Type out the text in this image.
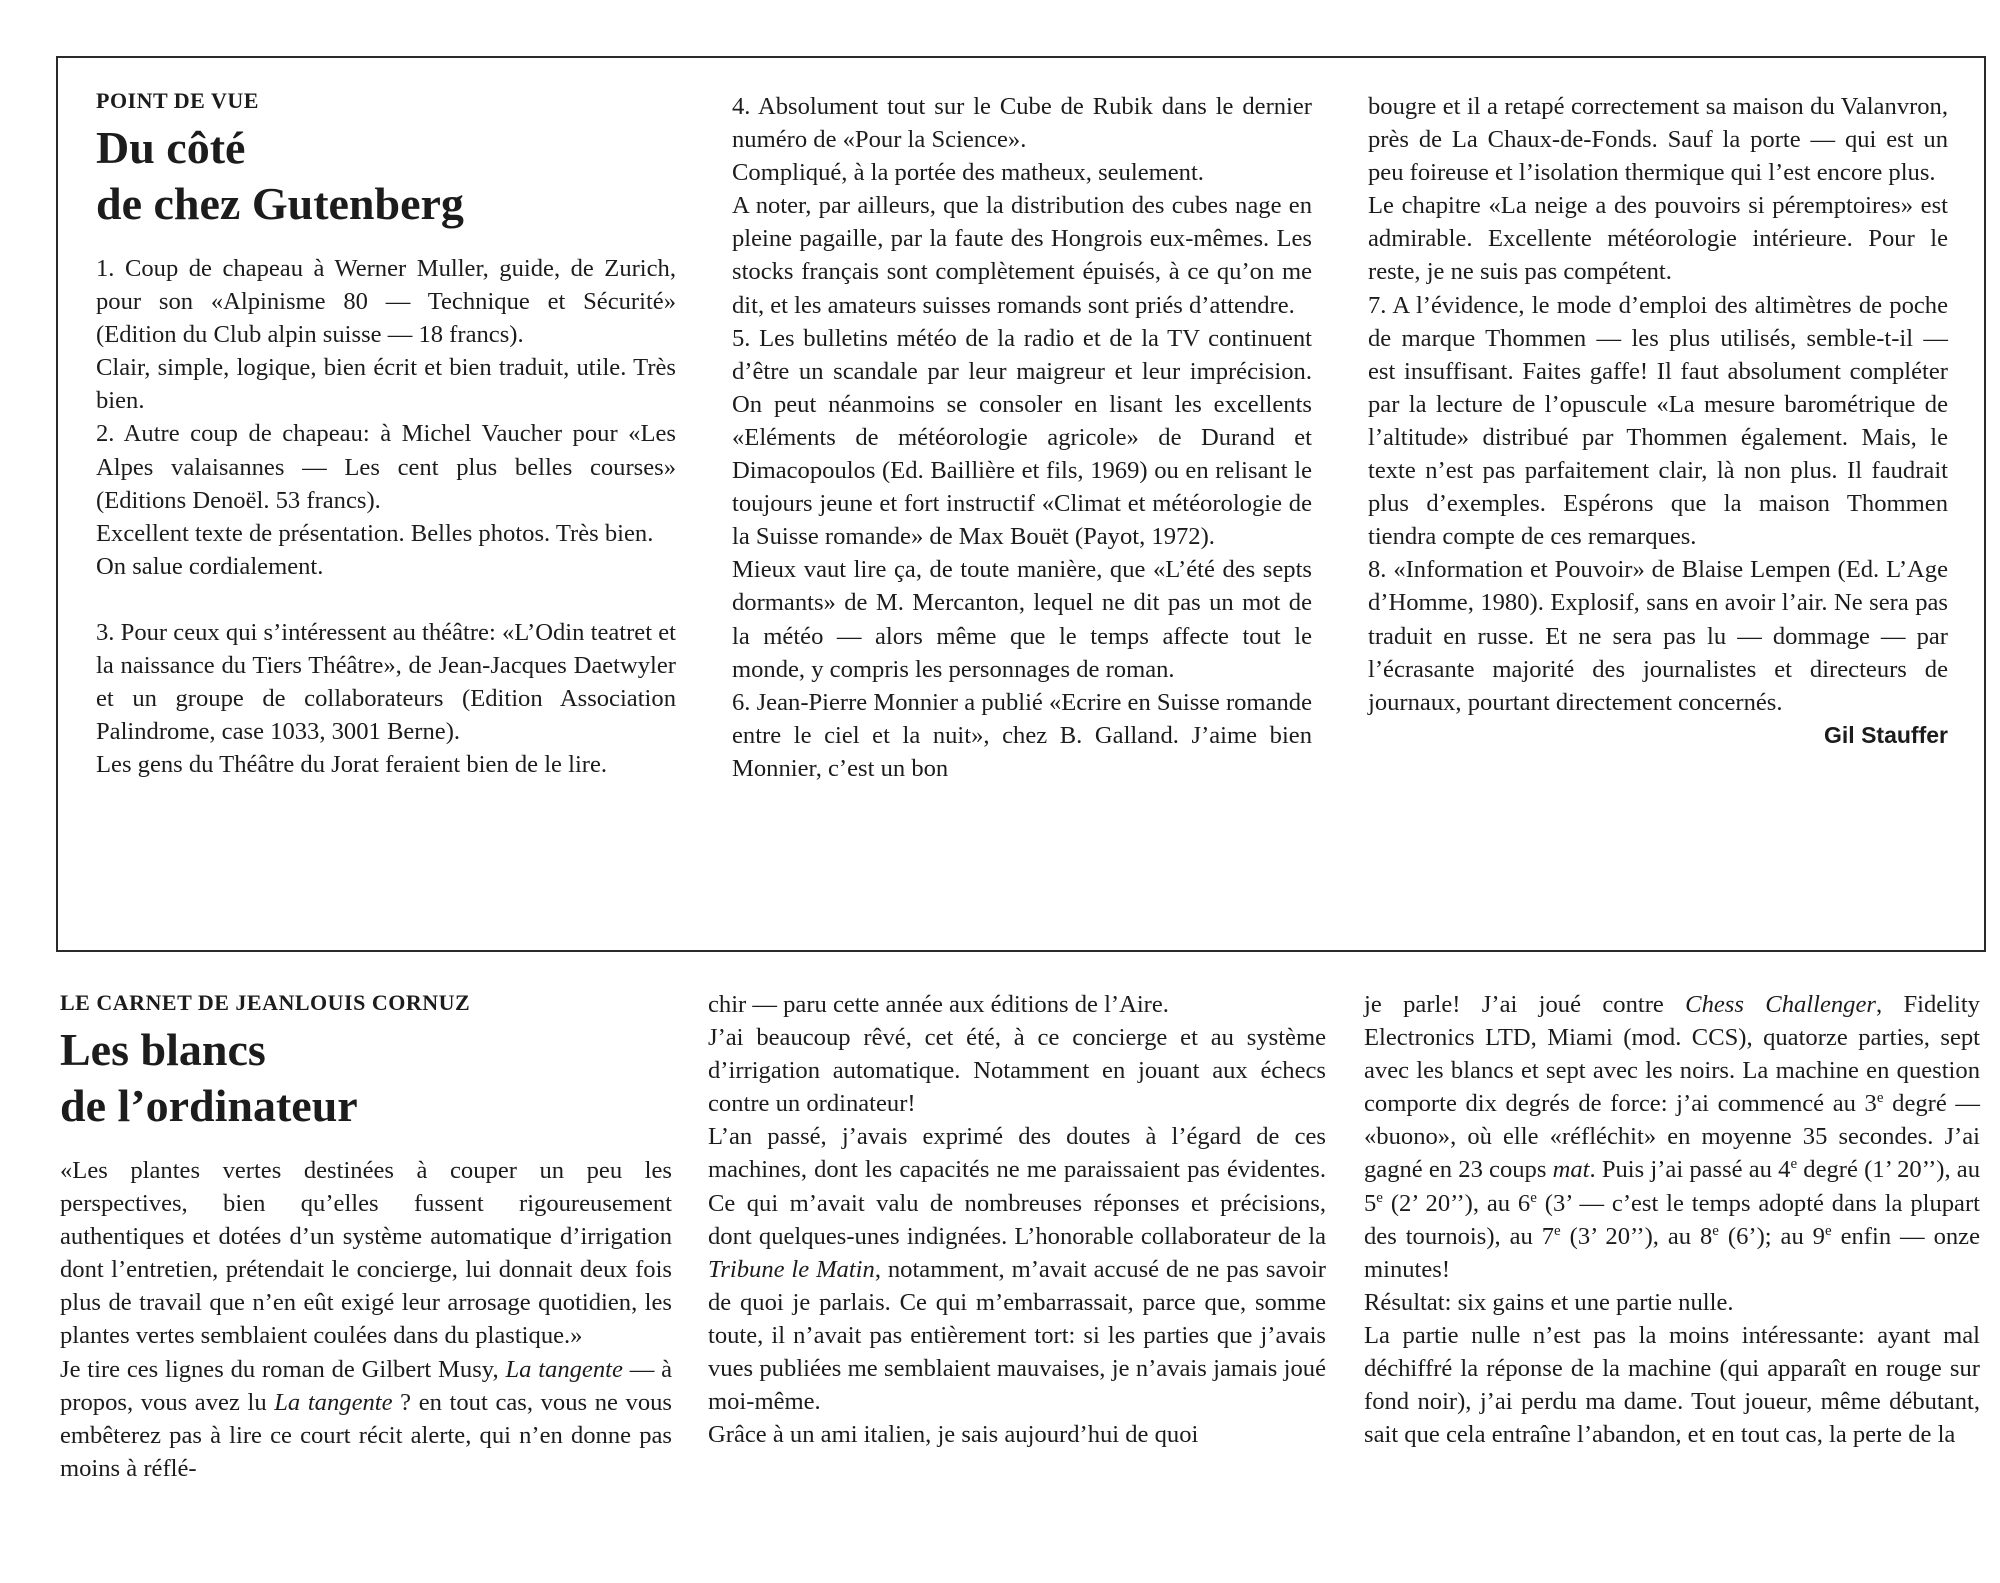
POINT DE VUE
Du côté
de chez Gutenberg

1. Coup de chapeau à Werner Muller, guide, de Zurich, pour son «Alpinisme 80 — Technique et Sécurité» (Edition du Club alpin suisse — 18 francs).

Clair, simple, logique, bien écrit et bien traduit, utile. Très bien.

2. Autre coup de chapeau: à Michel Vaucher pour «Les Alpes valaisannes — Les cent plus belles courses» (Editions Denoël. 53 francs).

Excellent texte de présentation. Belles photos. Très bien.

On salue cordialement.

3. Pour ceux qui s’intéressent au théâtre: «L’Odin teatret et la naissance du Tiers Théâtre», de Jean-Jacques Daetwyler et un groupe de collaborateurs (Edition Association Palindrome, case 1033, 3001 Berne).

Les gens du Théâtre du Jorat feraient bien de le lire.

4. Absolument tout sur le Cube de Rubik dans le dernier numéro de «Pour la Science».

Compliqué, à la portée des matheux, seulement.

A noter, par ailleurs, que la distribution des cubes nage en pleine pagaille, par la faute des Hongrois eux-mêmes. Les stocks français sont complètement épuisés, à ce qu’on me dit, et les amateurs suisses romands sont priés d’attendre.

5. Les bulletins météo de la radio et de la TV continuent d’être un scandale par leur maigreur et leur imprécision. On peut néanmoins se consoler en lisant les excellents «Eléments de météorologie agricole» de Durand et Dimacopoulos (Ed. Baillière et fils, 1969) ou en relisant le toujours jeune et fort instructif «Climat et météorologie de la Suisse romande» de Max Bouët (Payot, 1972).

Mieux vaut lire ça, de toute manière, que «L’été des septs dormants» de M. Mercanton, lequel ne dit pas un mot de la météo — alors même que le temps affecte tout le monde, y compris les personnages de roman.

6. Jean-Pierre Monnier a publié «Ecrire en Suisse romande entre le ciel et la nuit», chez B. Galland. J’aime bien Monnier, c’est un bon

bougre et il a retapé correctement sa maison du Valanvron, près de La Chaux-de-Fonds. Sauf la porte — qui est un peu foireuse et l’isolation thermique qui l’est encore plus.

Le chapitre «La neige a des pouvoirs si péremptoires» est admirable. Excellente météorologie intérieure. Pour le reste, je ne suis pas compétent.

7. A l’évidence, le mode d’emploi des altimètres de poche de marque Thommen — les plus utilisés, semble-t-il — est insuffisant. Faites gaffe! Il faut absolument compléter par la lecture de l’opuscule «La mesure barométrique de l’altitude» distribué par Thommen également. Mais, le texte n’est pas parfaitement clair, là non plus. Il faudrait plus d’exemples. Espérons que la maison Thommen tiendra compte de ces remarques.

8. «Information et Pouvoir» de Blaise Lempen (Ed. L’Age d’Homme, 1980). Explosif, sans en avoir l’air. Ne sera pas traduit en russe. Et ne sera pas lu — dommage — par l’écrasante majorité des journalistes et directeurs de journaux, pourtant directement concernés.

Gil Stauffer

LE CARNET DE JEANLOUIS CORNUZ
Les blancs
de l’ordinateur

«Les plantes vertes destinées à couper un peu les perspectives, bien qu’elles fussent rigoureusement authentiques et dotées d’un système automatique d’irrigation dont l’entretien, prétendait le concierge, lui donnait deux fois plus de travail que n’en eût exigé leur arrosage quotidien, les plantes vertes semblaient coulées dans du plastique.»

Je tire ces lignes du roman de Gilbert Musy, La tangente — à propos, vous avez lu La tangente ? en tout cas, vous ne vous embêterez pas à lire ce court récit alerte, qui n’en donne pas moins à réflé-

chir — paru cette année aux éditions de l’Aire.

J’ai beaucoup rêvé, cet été, à ce concierge et au système d’irrigation automatique. Notamment en jouant aux échecs contre un ordinateur!

L’an passé, j’avais exprimé des doutes à l’égard de ces machines, dont les capacités ne me paraissaient pas évidentes. Ce qui m’avait valu de nombreuses réponses et précisions, dont quelques-unes indignées. L’honorable collaborateur de la Tribune le Matin, notamment, m’avait accusé de ne pas savoir de quoi je parlais. Ce qui m’embarrassait, parce que, somme toute, il n’avait pas entièrement tort: si les parties que j’avais vues publiées me semblaient mauvaises, je n’avais jamais joué moi-même.

Grâce à un ami italien, je sais aujourd’hui de quoi

je parle! J’ai joué contre Chess Challenger, Fidelity Electronics LTD, Miami (mod. CCS), quatorze parties, sept avec les blancs et sept avec les noirs. La machine en question comporte dix degrés de force: j’ai commencé au 3e degré — «buono», où elle «réfléchit» en moyenne 35 secondes. J’ai gagné en 23 coups mat. Puis j’ai passé au 4e degré (1’ 20’’), au 5e (2’ 20’’), au 6e (3’ — c’est le temps adopté dans la plupart des tournois), au 7e (3’ 20’’), au 8e (6’); au 9e enfin — onze minutes!

Résultat: six gains et une partie nulle.

La partie nulle n’est pas la moins intéressante: ayant mal déchiffré la réponse de la machine (qui apparaît en rouge sur fond noir), j’ai perdu ma dame. Tout joueur, même débutant, sait que cela entraîne l’abandon, et en tout cas, la perte de la
